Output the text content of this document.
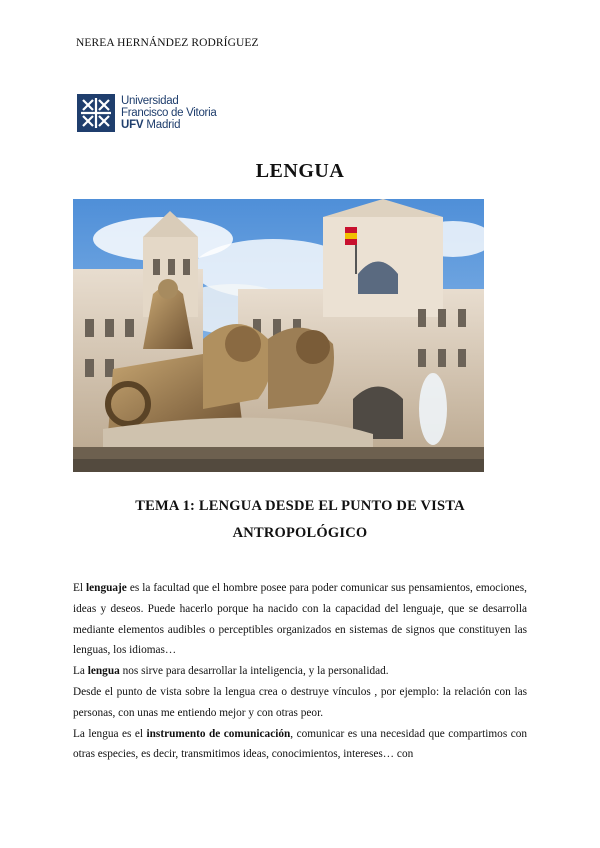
NEREA HERNÁNDEZ RODRÍGUEZ
Universidad
Francisco de Vitoria
UFV Madrid
LENGUA
TEMA 1: LENGUA DESDE EL PUNTO DE VISTA
ANTROPOLÓGICO

El lenguaje es la facultad que el hombre posee para poder comunicar sus pensamientos, emociones, ideas y deseos. Puede hacerlo porque ha nacido con la capacidad del lenguaje, que se desarrolla mediante elementos audibles o perceptibles organizados en sistemas de signos que constituyen las lenguas, los idiomas…

La lengua nos sirve para desarrollar la inteligencia, y la personalidad.

Desde el punto de vista sobre la lengua crea o destruye vínculos , por ejemplo: la relación con las personas, con unas me entiendo mejor y con otras peor.

La lengua es el instrumento de comunicación, comunicar es una necesidad que compartimos con otras especies, es decir, transmitimos ideas, conocimientos, intereses… con
